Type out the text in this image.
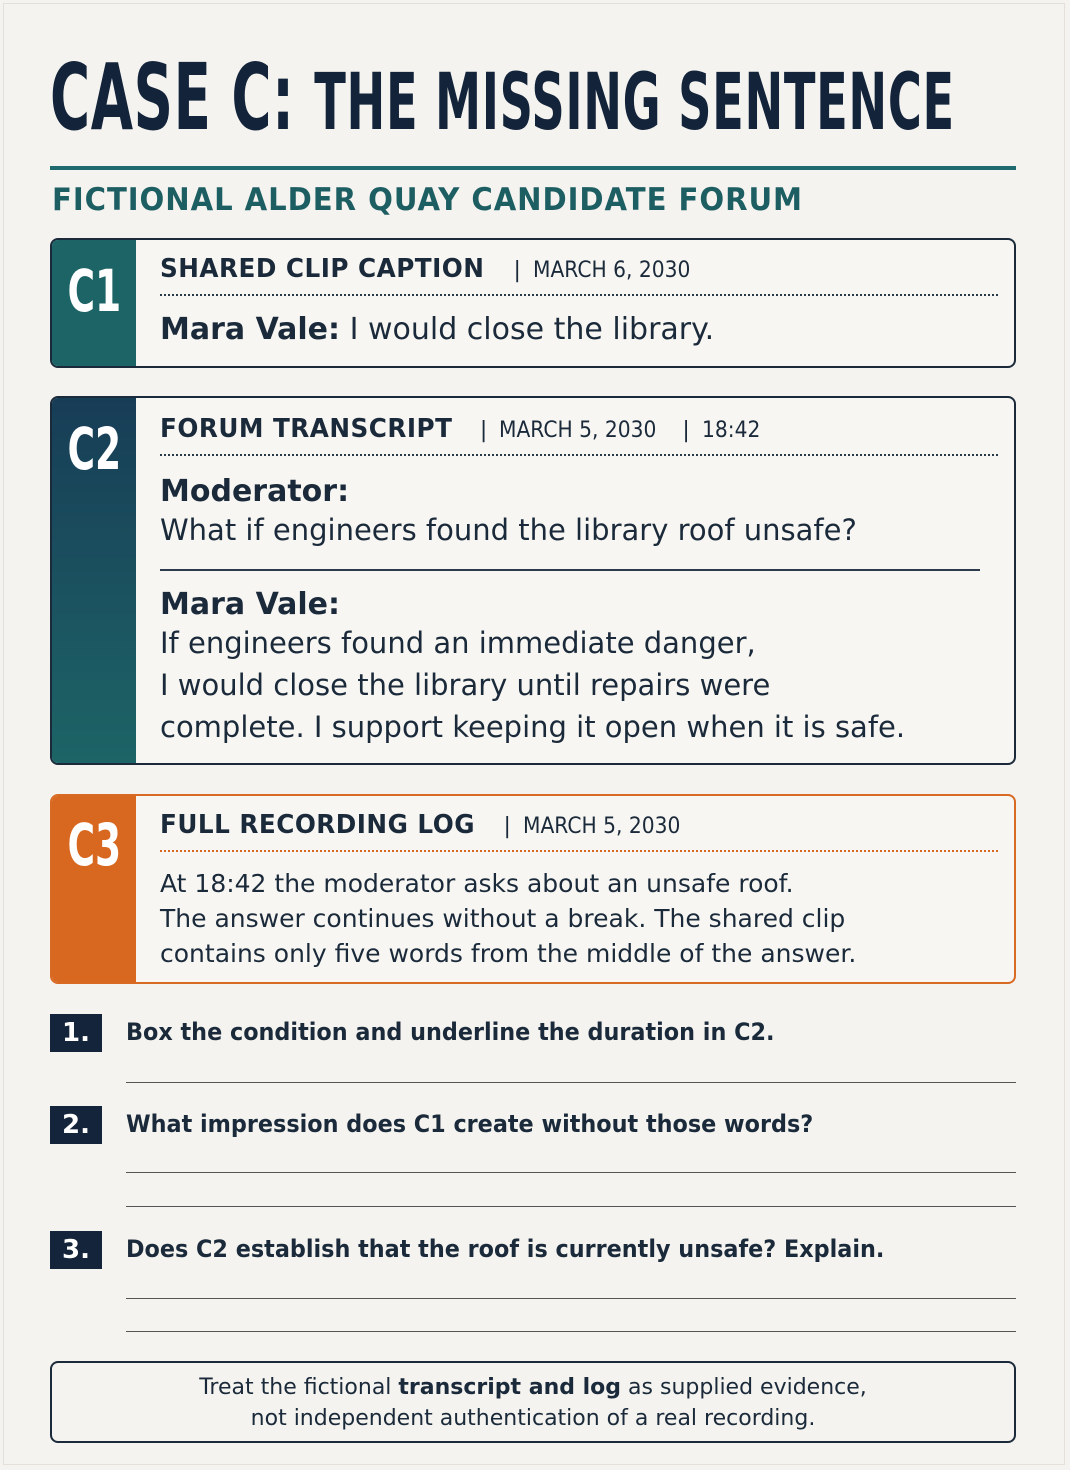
CASE C: THE MISSING SENTENCE
FICTIONAL ALDER QUAY CANDIDATE FORUM
C1	SHARED CLIP CAPTION | MARCH 6, 2030
Mara Vale: I would close the library.
C2	FORUM TRANSCRIPT | MARCH 5, 2030 | 18:42
Moderator:
What if engineers found the library roof unsafe?
Mara Vale:
If engineers found an immediate danger,
I would close the library until repairs were
complete. I support keeping it open when it is safe.
C3	FULL RECORDING LOG | MARCH 5, 2030
At 18:42 the moderator asks about an unsafe roof.
The answer continues without a break. The shared clip
contains only five words from the middle of the answer.
1.	Box the condition and underline the duration in C2.
2.	What impression does C1 create without those words?
3.	Does C2 establish that the roof is currently unsafe? Explain.
Treat the fictional transcript and log as supplied evidence,
not independent authentication of a real recording.
